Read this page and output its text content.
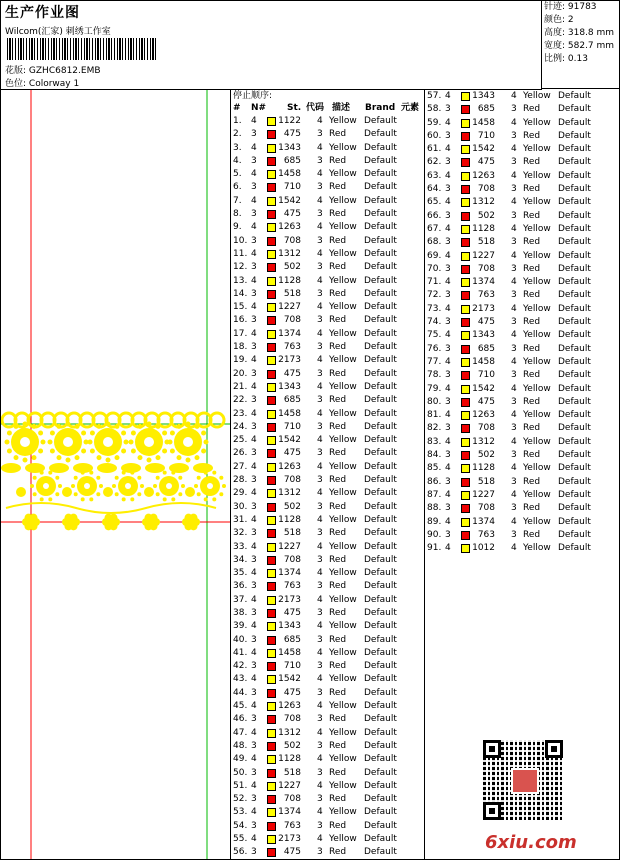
生产作业图
Wilcom(汇家) 刺绣工作室
花版: GZHC6812.EMB
色位: Colorway 1
针迹: 91783
颜色: 2
高度: 318.8 mm
宽度: 582.7 mm
比例: 0.13
停止顺序:
# N# St. 代码 描述 Brand 元素
1. 4 1122 4 Yellow Default
2. 3	475 3 Red Default
3. 4 1343 4 Yellow Default
4. 3	685 3 Red Default
5. 4 1458 4 Yellow Default
6. 3	710 3 Red Default
7. 4 1542 4 Yellow Default
8. 3	475 3 Red Default
9. 4 1263 4 Yellow Default
10. 3	708 3 Red Default
11. 4 1312 4 Yellow Default
12. 3	502 3 Red Default
13. 4 1128 4 Yellow Default
14. 3	518 3 Red Default
15. 4 1227 4 Yellow Default
16. 3	708 3 Red Default
17. 4 1374 4 Yellow Default
18. 3	763 3 Red Default
19. 4 2173 4 Yellow Default
20. 3	475 3 Red Default
21. 4 1343 4 Yellow Default
22. 3	685 3 Red Default
23. 4 1458 4 Yellow Default
24. 3	710 3 Red Default
25. 4 1542 4 Yellow Default
26. 3	475 3 Red Default
27. 4 1263 4 Yellow Default
28. 3	708 3 Red Default
29. 4 1312 4 Yellow Default
30. 3	502 3 Red Default
31. 4 1128 4 Yellow Default
32. 3	518 3 Red Default
33. 4 1227 4 Yellow Default
34. 3	708 3 Red Default
35. 4 1374 4 Yellow Default
36. 3	763 3 Red Default
37. 4 2173 4 Yellow Default
38. 3	475 3 Red Default
39. 4 1343 4 Yellow Default
40. 3	685 3 Red Default
41. 4 1458 4 Yellow Default
42. 3	710 3 Red Default
43. 4 1542 4 Yellow Default
44. 3	475 3 Red Default
45. 4 1263 4 Yellow Default
46. 3	708 3 Red Default
47. 4 1312 4 Yellow Default
48. 3	502 3 Red Default
49. 4 1128 4 Yellow Default
50. 3	518 3 Red Default
51. 4 1227 4 Yellow Default
52. 3	708 3 Red Default
53. 4 1374 4 Yellow Default
54. 3	763 3 Red Default
55. 4 2173 4 Yellow Default
56. 3	475 3 Red Default
57. 4 1343 4 Yellow Default
58. 3	685 3 Red Default
59. 4 1458 4 Yellow Default
60. 3	710 3 Red Default
61. 4 1542 4 Yellow Default
62. 3	475 3 Red Default
63. 4 1263 4 Yellow Default
64. 3	708 3 Red Default
65. 4 1312 4 Yellow Default
66. 3	502 3 Red Default
67. 4 1128 4 Yellow Default
68. 3	518 3 Red Default
69. 4 1227 4 Yellow Default
70. 3	708 3 Red Default
71. 4 1374 4 Yellow Default
72. 3	763 3 Red Default
73. 4 2173 4 Yellow Default
74. 3	475 3 Red Default
75. 4 1343 4 Yellow Default
76. 3	685 3 Red Default
77. 4 1458 4 Yellow Default
78. 3	710 3 Red Default
79. 4 1542 4 Yellow Default
80. 3	475 3 Red Default
81. 4 1263 4 Yellow Default
82. 3	708 3 Red Default
83. 4 1312 4 Yellow Default
84. 3	502 3 Red Default
85. 4 1128 4 Yellow Default
86. 3	518 3 Red Default
87. 4 1227 4 Yellow Default
88. 3	708 3 Red Default
89. 4 1374 4 Yellow Default
90. 3	763 3 Red Default
91. 4 1012 4 Yellow Default
6xiu.com
